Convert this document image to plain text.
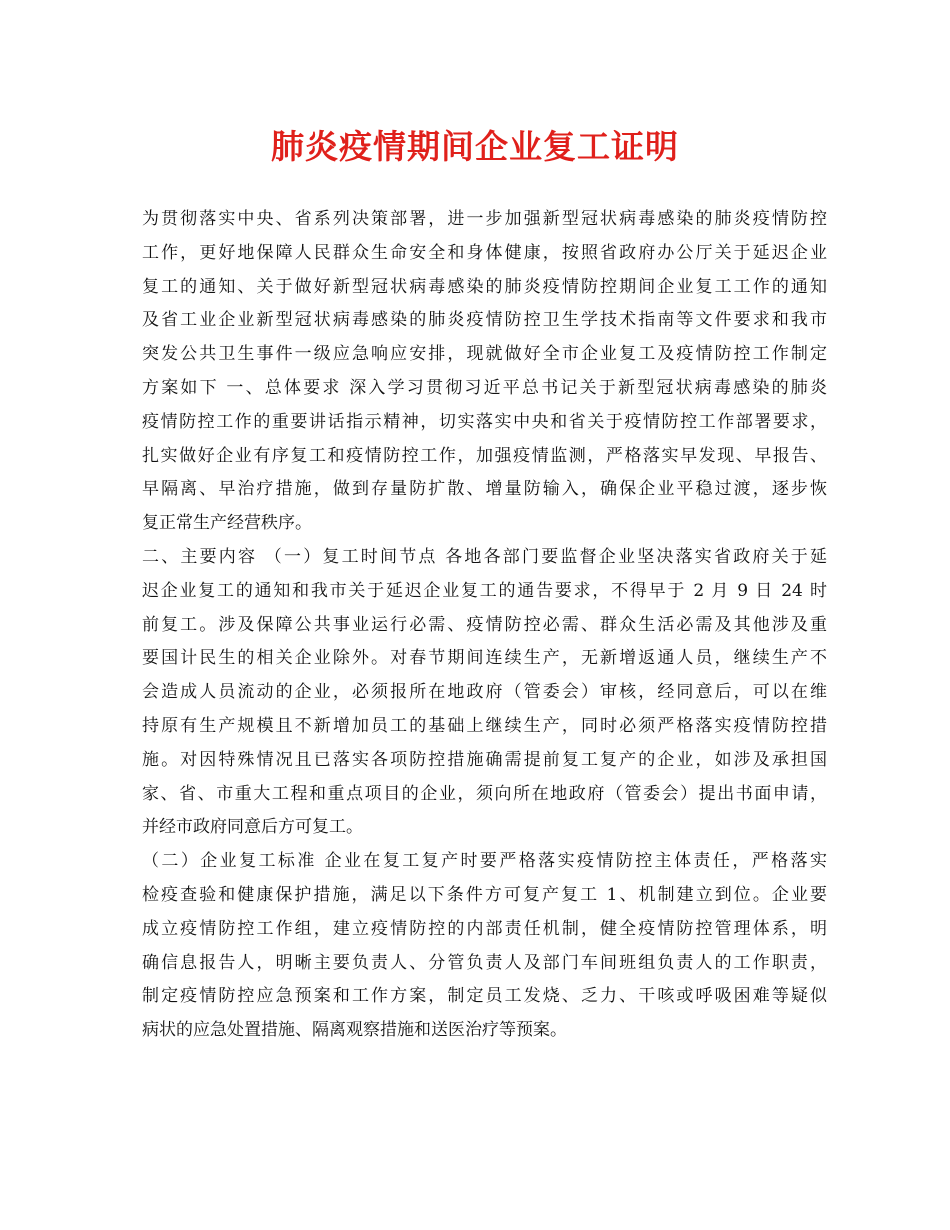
肺炎疫情期间企业复工证明
为贯彻落实中央、省系列决策部署，进一步加强新型冠状病毒感染的肺炎疫情防控
工作，更好地保障人民群众生命安全和身体健康，按照省政府办公厅关于延迟企业
复工的通知、关于做好新型冠状病毒感染的肺炎疫情防控期间企业复工工作的通知
及省工业企业新型冠状病毒感染的肺炎疫情防控卫生学技术指南等文件要求和我市
突发公共卫生事件一级应急响应安排，现就做好全市企业复工及疫情防控工作制定
方案如下 一、总体要求 深入学习贯彻习近平总书记关于新型冠状病毒感染的肺炎
疫情防控工作的重要讲话指示精神，切实落实中央和省关于疫情防控工作部署要求，
扎实做好企业有序复工和疫情防控工作，加强疫情监测，严格落实早发现、早报告、
早隔离、早治疗措施，做到存量防扩散、增量防输入，确保企业平稳过渡，逐步恢
复正常生产经营秩序。
二、主要内容 （一）复工时间节点 各地各部门要监督企业坚决落实省政府关于延
迟企业复工的通知和我市关于延迟企业复工的通告要求，不得早于 2 月 9 日 24 时
前复工。涉及保障公共事业运行必需、疫情防控必需、群众生活必需及其他涉及重
要国计民生的相关企业除外。对春节期间连续生产，无新增返通人员，继续生产不
会造成人员流动的企业，必须报所在地政府（管委会）审核，经同意后，可以在维
持原有生产规模且不新增加员工的基础上继续生产，同时必须严格落实疫情防控措
施。对因特殊情况且已落实各项防控措施确需提前复工复产的企业，如涉及承担国
家、省、市重大工程和重点项目的企业，须向所在地政府（管委会）提出书面申请，
并经市政府同意后方可复工。
（二）企业复工标准 企业在复工复产时要严格落实疫情防控主体责任，严格落实
检疫查验和健康保护措施，满足以下条件方可复产复工 1、机制建立到位。企业要
成立疫情防控工作组，建立疫情防控的内部责任机制，健全疫情防控管理体系，明
确信息报告人，明晰主要负责人、分管负责人及部门车间班组负责人的工作职责，
制定疫情防控应急预案和工作方案，制定员工发烧、乏力、干咳或呼吸困难等疑似
病状的应急处置措施、隔离观察措施和送医治疗等预案。
